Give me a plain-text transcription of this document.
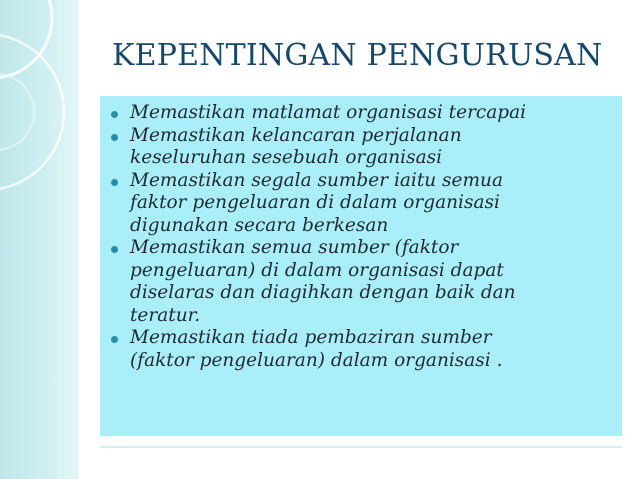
KEPENTINGAN PENGURUSAN
Memastikan matlamat organisasi tercapai
Memastikan kelancaran perjalanan
keseluruhan sesebuah organisasi
Memastikan segala sumber iaitu semua
faktor pengeluaran di dalam organisasi
digunakan secara berkesan
Memastikan semua sumber (faktor
pengeluaran) di dalam organisasi dapat
diselaras dan diagihkan dengan baik dan
teratur.
Memastikan tiada pembaziran sumber
(faktor pengeluaran) dalam organisasi .
